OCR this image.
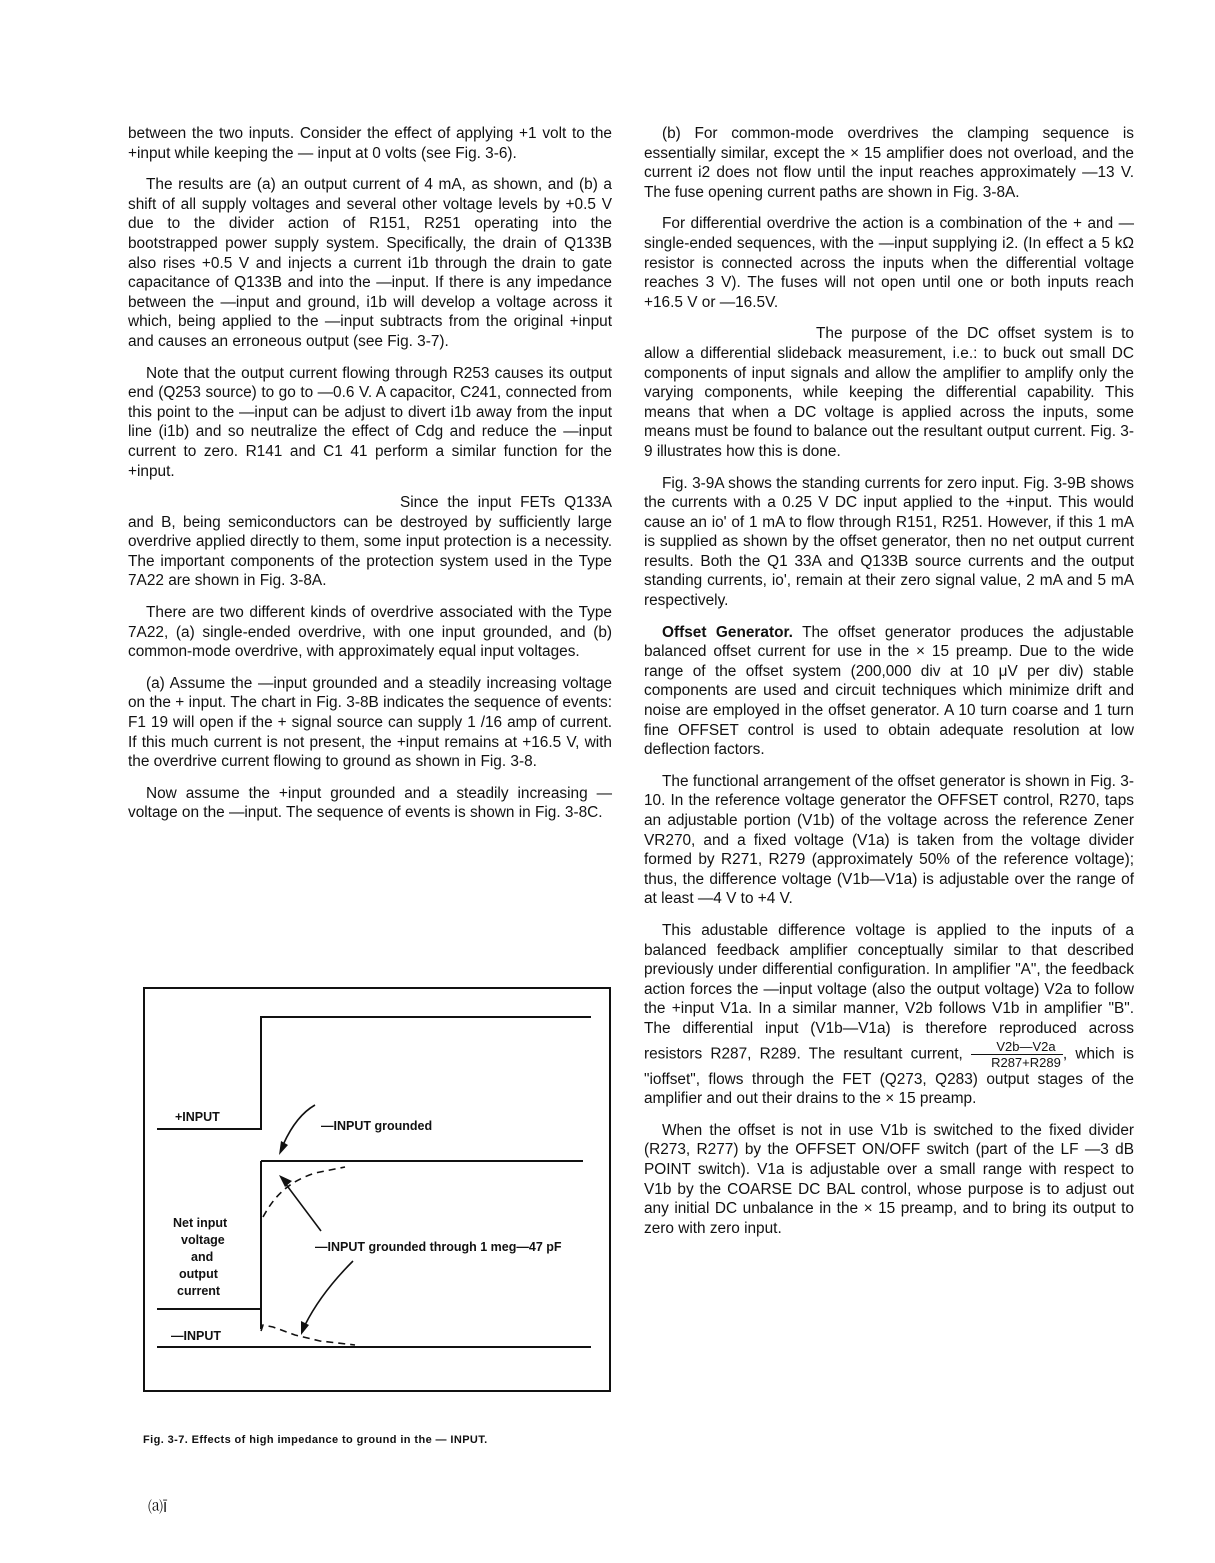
between the two inputs. Consider the effect of applying +1 volt to the +input while keeping the — input at 0 volts (see Fig. 3-6).

The results are (a) an output current of 4 mA, as shown, and (b) a shift of all supply voltages and several other voltage levels by +0.5 V due to the divider action of R151, R251 operating into the bootstrapped power supply system. Specifically, the drain of Q133B also rises +0.5 V and injects a current i1b through the drain to gate capacitance of Q133B and into the —input. If there is any impedance between the —input and ground, i1b will develop a voltage across it which, being applied to the —input subtracts from the original +input and causes an erroneous output (see Fig. 3-7).

Note that the output current flowing through R253 causes its output end (Q253 source) to go to —0.6 V. A capacitor, C241, connected from this point to the —input can be adjust to divert i1b away from the input line (i1b) and so neutralize the effect of Cdg and reduce the —input current to zero. R141 and C1 41 perform a similar function for the +input.

Since the input FETs Q133A and B, being semiconductors can be destroyed by sufficiently large overdrive applied directly to them, some input protection is a necessity. The important components of the protection system used in the Type 7A22 are shown in Fig. 3-8A.

There are two different kinds of overdrive associated with the Type 7A22, (a) single-ended overdrive, with one input grounded, and (b) common-mode overdrive, with approximately equal input voltages.

(a) Assume the —input grounded and a steadily increasing voltage on the + input. The chart in Fig. 3-8B indicates the sequence of events: F1 19 will open if the + signal source can supply 1 /16 amp of current. If this much current is not present, the +input remains at +16.5 V, with the overdrive current flowing to ground as shown in Fig. 3-8.

Now assume the +input grounded and a steadily increasing —voltage on the —input. The sequence of events is shown in Fig. 3-8C.

+INPUT
—INPUT
Net input
voltage
and
output
current
—INPUT grounded
—INPUT grounded through 1 meg—47 pF
Fig. 3-7. Effects of high impedance to ground in the — INPUT.
⒜Ī

(b) For common-mode overdrives the clamping sequence is essentially similar, except the × 15 amplifier does not overload, and the current i2 does not flow until the input reaches approximately —13 V. The fuse opening current paths are shown in Fig. 3-8A.

For differential overdrive the action is a combination of the + and — single-ended sequences, with the —input supplying i2. (In effect a 5 kΩ resistor is connected across the inputs when the differential voltage reaches 3 V). The fuses will not open until one or both inputs reach +16.5 V or —16.5V.

The purpose of the DC offset system is to allow a differential slideback measurement, i.e.: to buck out small DC components of input signals and allow the amplifier to amplify only the varying components, while keeping the differential capability. This means that when a DC voltage is applied across the inputs, some means must be found to balance out the resultant output current. Fig. 3-9 illustrates how this is done.

Fig. 3-9A shows the standing currents for zero input. Fig. 3-9B shows the currents with a 0.25 V DC input applied to the +input. This would cause an io' of 1 mA to flow through R151, R251. However, if this 1 mA is supplied as shown by the offset generator, then no net output current results. Both the Q1 33A and Q133B source currents and the output standing currents, io', remain at their zero signal value, 2 mA and 5 mA respectively.

Offset Generator. The offset generator produces the adjustable balanced offset current for use in the × 15 preamp. Due to the wide range of the offset system (200,000 div at 10 μV per div) stable components are used and circuit techniques which minimize drift and noise are employed in the offset generator. A 10 turn coarse and 1 turn fine OFFSET control is used to obtain adequate resolution at low deflection factors.

The functional arrangement of the offset generator is shown in Fig. 3-10. In the reference voltage generator the OFFSET control, R270, taps an adjustable portion (V1b) of the voltage across the reference Zener VR270, and a fixed voltage (V1a) is taken from the voltage divider formed by R271, R279 (approximately 50% of the reference voltage); thus, the difference voltage (V1b—V1a) is adjustable over the range of at least —4 V to +4 V.

This adustable difference voltage is applied to the inputs of a balanced feedback amplifier conceptually similar to that described previously under differential configuration. In amplifier "A", the feedback action forces the —input voltage (also the output voltage) V2a to follow the +input V1a. In a similar manner, V2b follows V1b in amplifier "B". The differential input (V1b—V1a) is therefore reproduced across resistors R287, R289. The resultant current, $\frac{V2b—V2a}{R287+R289}$ , which is "ioffset", flows through the FET (Q273, Q283) output stages of the amplifier and out their drains to the × 15 preamp.

When the offset is not in use V1b is switched to the fixed divider (R273, R277) by the OFFSET ON/OFF switch (part of the LF —3 dB POINT switch). V1a is adjustable over a small range with respect to V1b by the COARSE DC BAL control, whose purpose is to adjust out any initial DC unbalance in the × 15 preamp, and to bring its output to zero with zero input.
